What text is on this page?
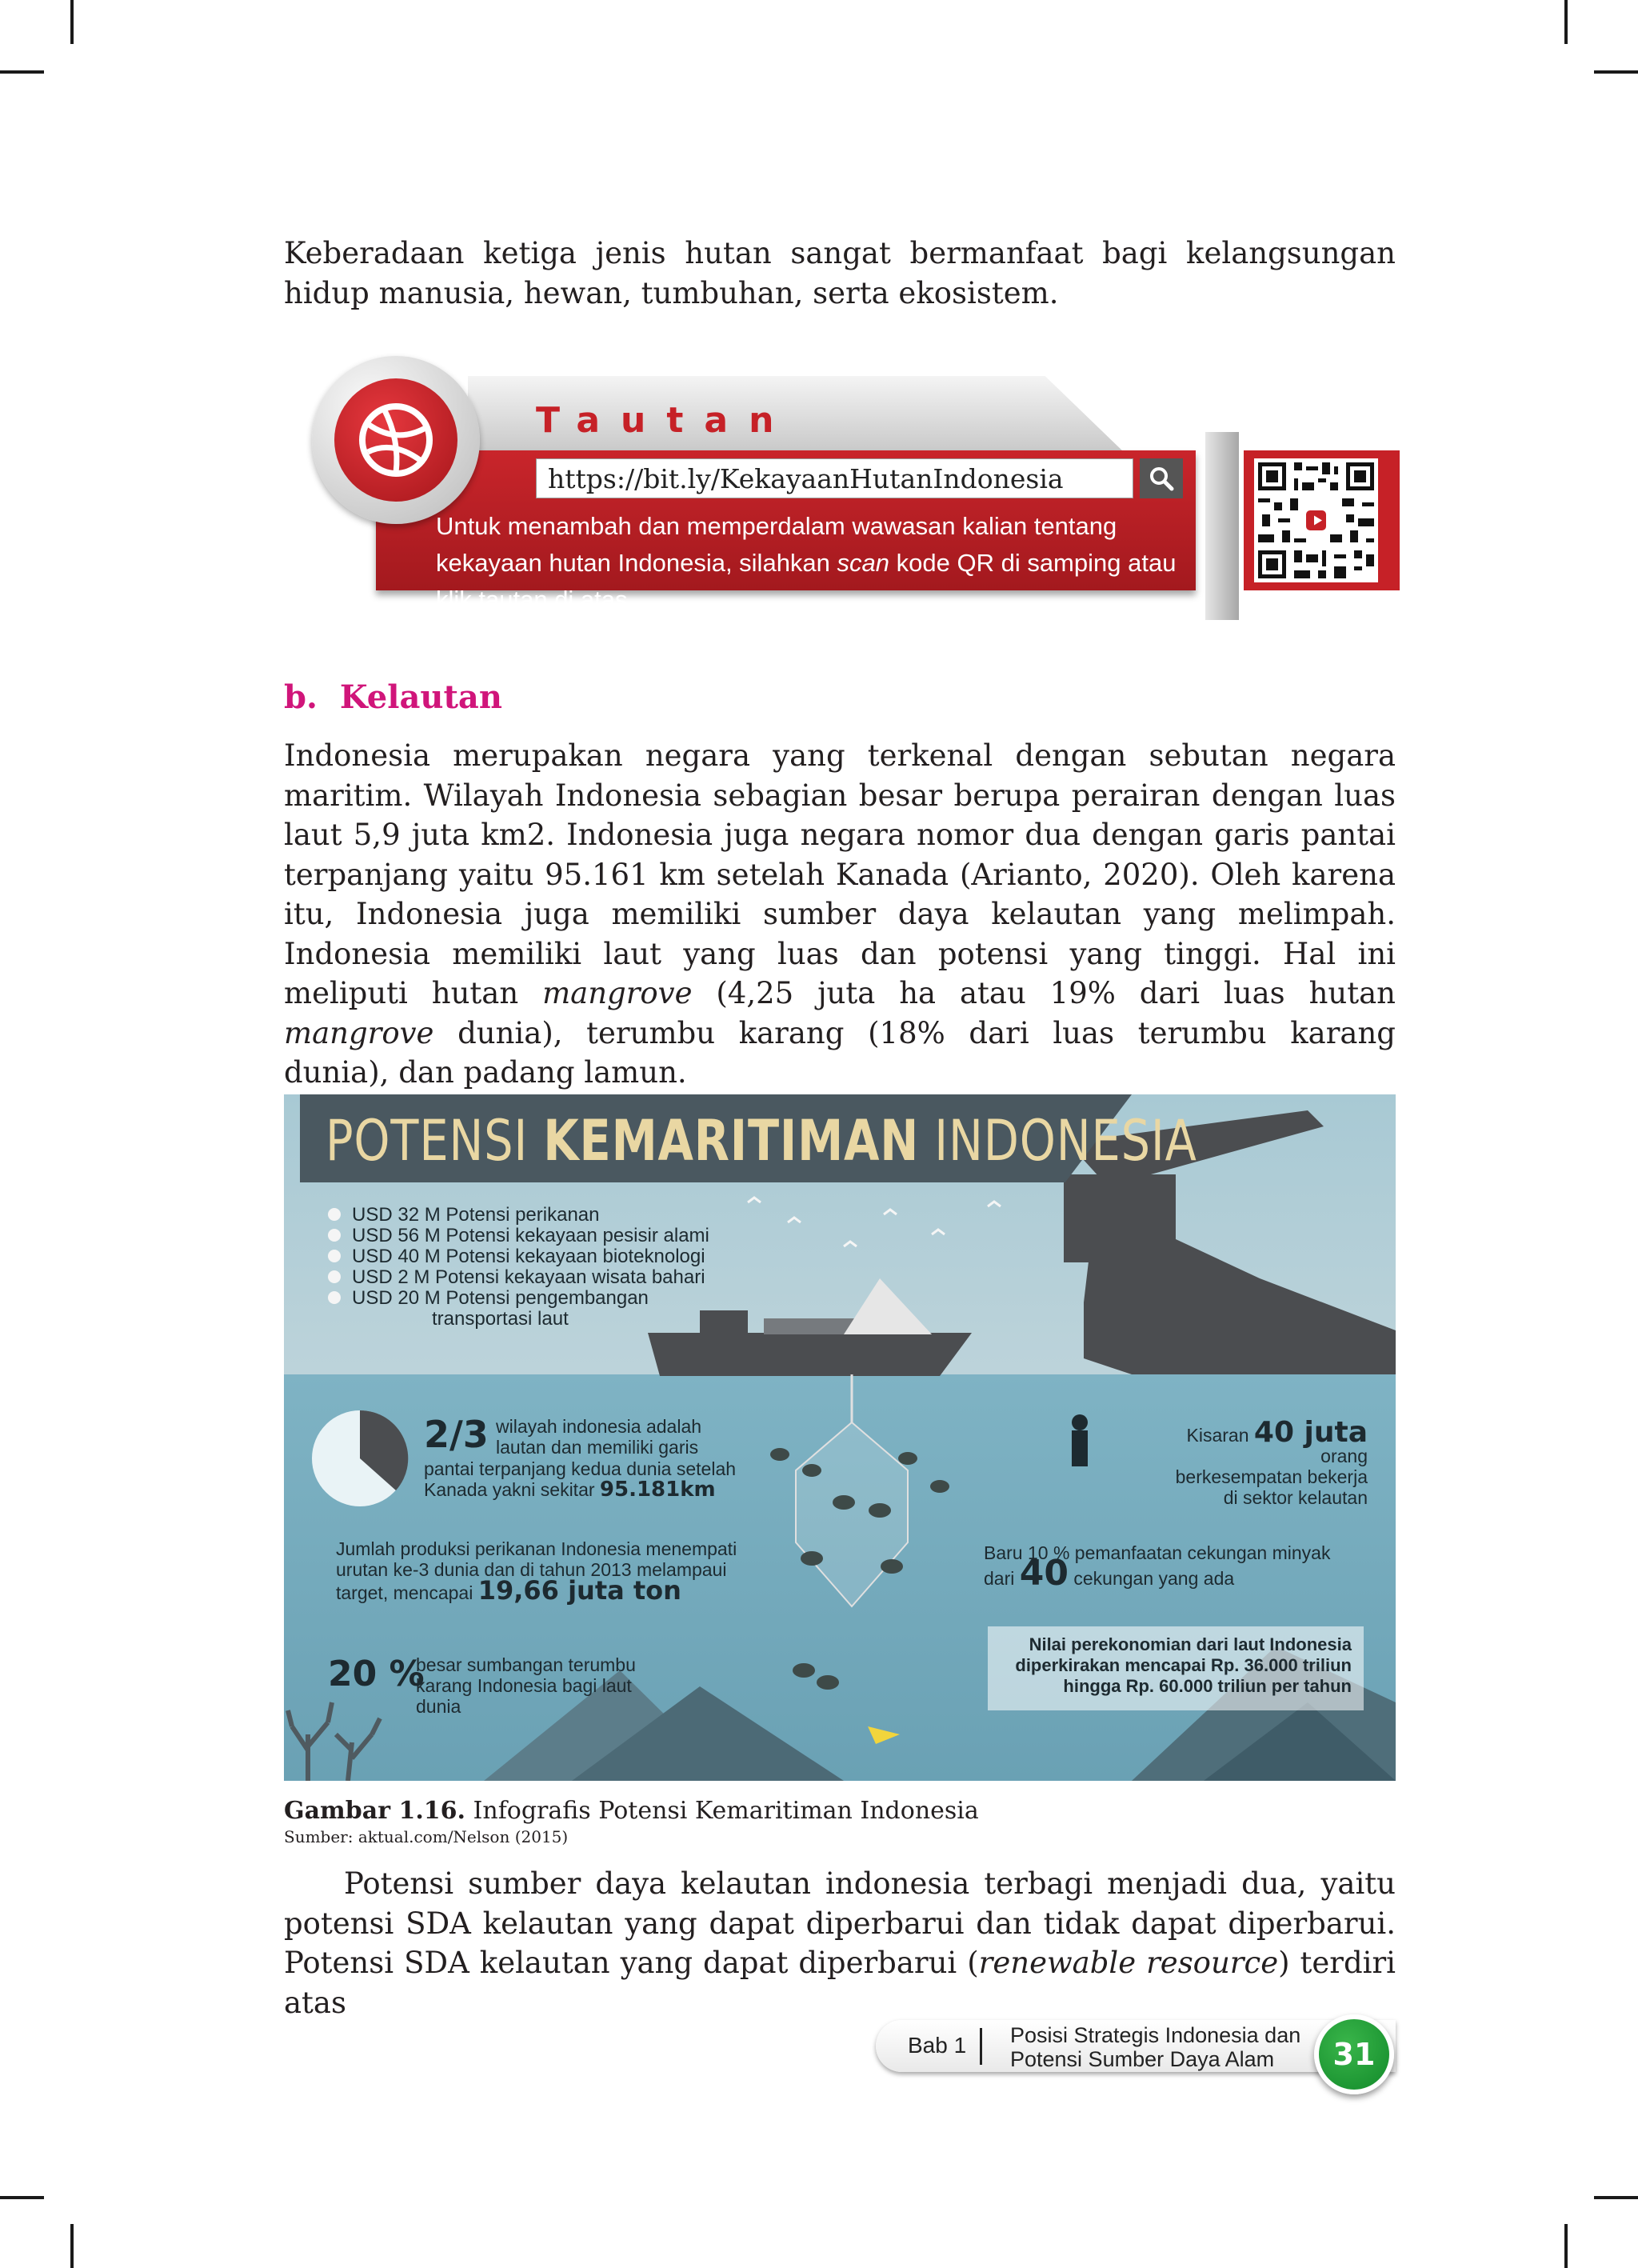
Keberadaan ketiga jenis hutan sangat bermanfaat bagi kelangsungan hidup manusia, hewan, tumbuhan, serta ekosistem.

Tautan
https://bit.ly/KekayaanHutanIndonesia
Untuk menambah dan memperdalam wawasan kalian tentang kekayaan hutan Indonesia, silahkan scan kode QR di samping atau klik tautan di atas.
b. Kelautan

Indonesia merupakan negara yang terkenal dengan sebutan negara maritim. Wilayah Indonesia sebagian besar berupa perairan dengan luas laut 5,9 juta km2. Indonesia juga negara nomor dua dengan garis pantai terpanjang yaitu 95.161 km setelah Kanada (Arianto, 2020). Oleh karena itu, Indonesia juga memiliki sumber daya kelautan yang melimpah. Indonesia memiliki laut yang luas dan potensi yang tinggi. Hal ini meliputi hutan mangrove (4,25 juta ha atau 19% dari luas hutan mangrove dunia), terumbu karang (18% dari luas terumbu karang dunia), dan padang lamun.

POTENSI KEMARITIMAN INDONESIA
USD 32 M Potensi perikanan
USD 56 M Potensi kekayaan pesisir alami
USD 40 M Potensi kekayaan bioteknologi
USD 2 M Potensi kekayaan wisata bahari
USD 20 M Potensi pengembangan
transportasi laut
2/3 wilayah indonesia adalah
lautan dan memiliki garis
pantai terpanjang kedua dunia setelah
Kanada yakni sekitar 95.181km
Jumlah produksi perikanan Indonesia menempati urutan ke-3 dunia dan di tahun 2013 melampaui target, mencapai 19,66 juta ton
20 %
besar sumbangan terumbu karang Indonesia bagi laut dunia
Kisaran 40 juta orang
berkesempatan bekerja
di sektor kelautan
Baru 10 % pemanfaatan cekungan minyak
dari 40 cekungan yang ada
Nilai perekonomian dari laut Indonesia diperkirakan mencapai Rp. 36.000 triliun hingga Rp. 60.000 triliun per tahun
Gambar 1.16. Infografis Potensi Kemaritiman Indonesia
Sumber: aktual.com/Nelson (2015)

Potensi sumber daya kelautan indonesia terbagi menjadi dua, yaitu potensi SDA kelautan yang dapat diperbarui dan tidak dapat diperbarui. Potensi SDA kelautan yang dapat diperbarui (renewable resource) terdiri atas

Bab 1 Posisi Strategis Indonesia dan
Potensi Sumber Daya Alam	31
